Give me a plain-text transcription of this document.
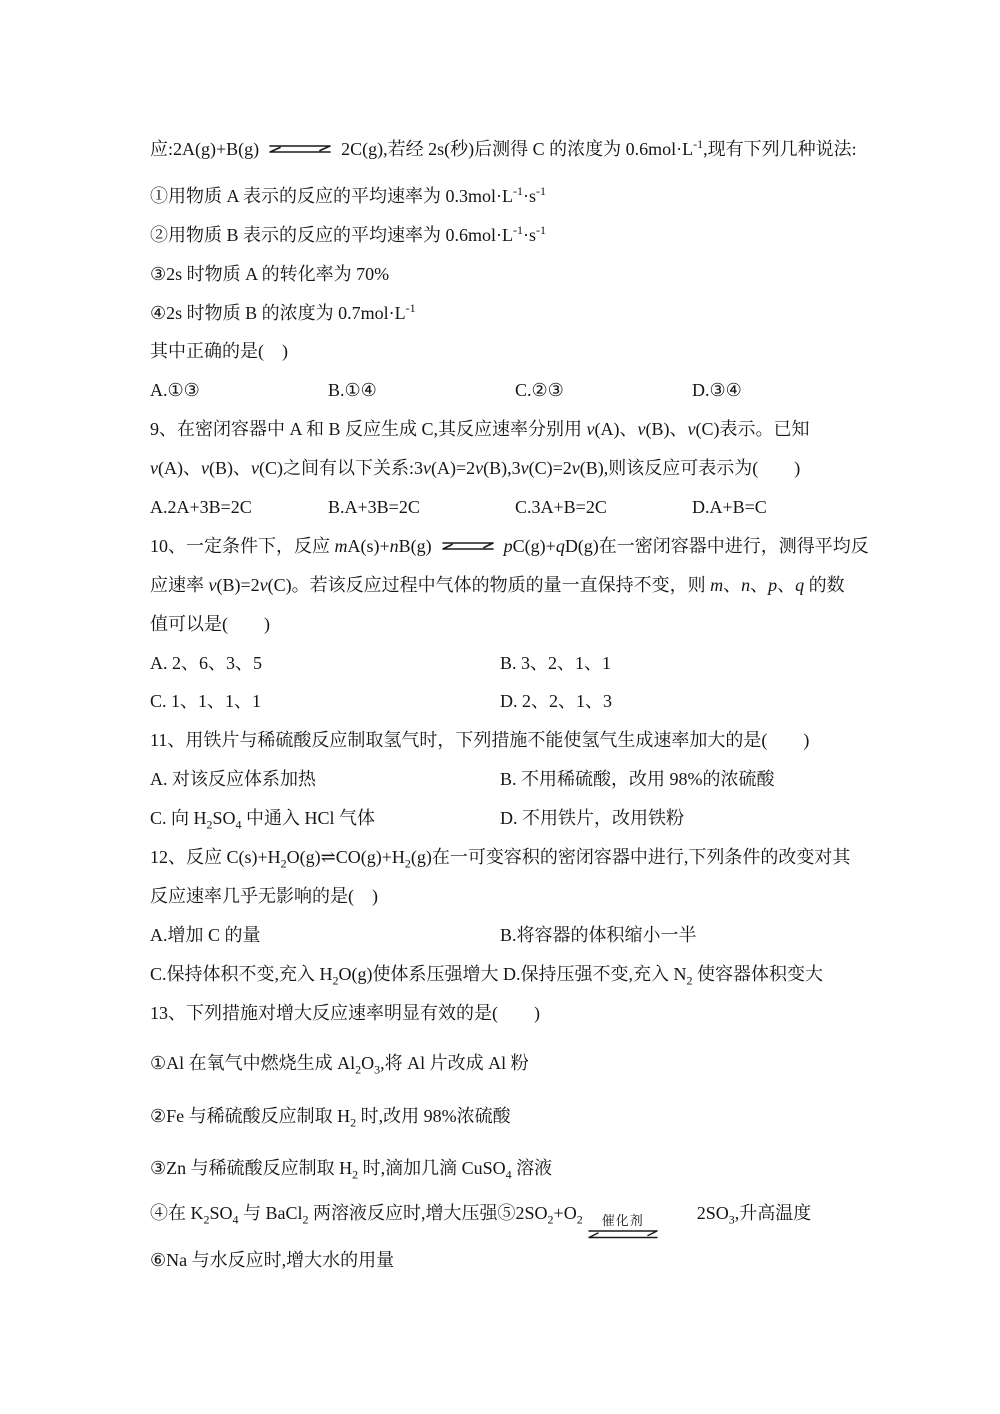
应:2A(g)+B(g) ⇌ 2C(g),若经 2s(秒)后测得 C 的浓度为 $0.6mol\cdot L^{-1}$,现有下列几种说法:
①用物质 A 表示的反应的平均速率为 $0.3mol\cdot L^{-1}\cdot s^{-1}$
②用物质 B 表示的反应的平均速率为 $0.6mol\cdot L^{-1}\cdot s^{-1}$
③2s 时物质 A 的转化率为 70%
④2s 时物质 B 的浓度为 $0.7mol\cdot L^{-1}$
其中正确的是(　)
A.①③	B.①④	C.②③	D.③④
9、在密闭容器中 A 和 B 反应生成 C,其反应速率分别用 v(A)、v(B)、v(C)表示。已知
v(A)、v(B)、v(C)之间有以下关系:3v(A)=2v(B),3v(C)=2v(B),则该反应可表示为(　　)
A.2A+3B=2C	B.A+3B=2C	C.3A+B=2C	D.A+B=C
10、一定条件下，反应 mA(s)+nB(g) ⇌ pC(g)+qD(g)在一密闭容器中进行，测得平均反
应速率 v(B)=2v(C)。若该反应过程中气体的物质的量一直保持不变，则 m、n、p、q 的数
值可以是(　　)
A. 2、6、3、5	B. 3、2、1、1
C. 1、1、1、1	D. 2、2、1、3
11、用铁片与稀硫酸反应制取氢气时，下列措施不能使氢气生成速率加大的是(　　)
A. 对该反应体系加热	B. 不用稀硫酸，改用 98%的浓硫酸
C. 向 $H_2SO_4$ 中通入 HCl 气体	D. 不用铁片，改用铁粉
12、反应 $C(s)+H_2O(g)\rightleftharpoons CO(g)+H_2(g)$在一可变容积的密闭容器中进行,下列条件的改变对其
反应速率几乎无影响的是(　)
A.增加 C 的量	B.将容器的体积缩小一半
C.保持体积不变,充入 $H_2O(g)$使体系压强增大 D.保持压强不变,充入 $N_2$ 使容器体积变大
13、下列措施对增大反应速率明显有效的是(　　)
①Al 在氧气中燃烧生成 $Al_2O_3$,将 Al 片改成 Al 粉
②Fe 与稀硫酸反应制取 $H_2$ 时,改用 98%浓硫酸
③Zn 与稀硫酸反应制取 $H_2$ 时,滴加几滴 CuSO$_4$ 溶液
④在 $K_2SO_4$ 与 BaCl$_2$ 两溶液反应时,增大压强$⑤2SO_2+O_2$ 催化剂	$2SO_3$,升高温度
⑥Na 与水反应时,增大水的用量
